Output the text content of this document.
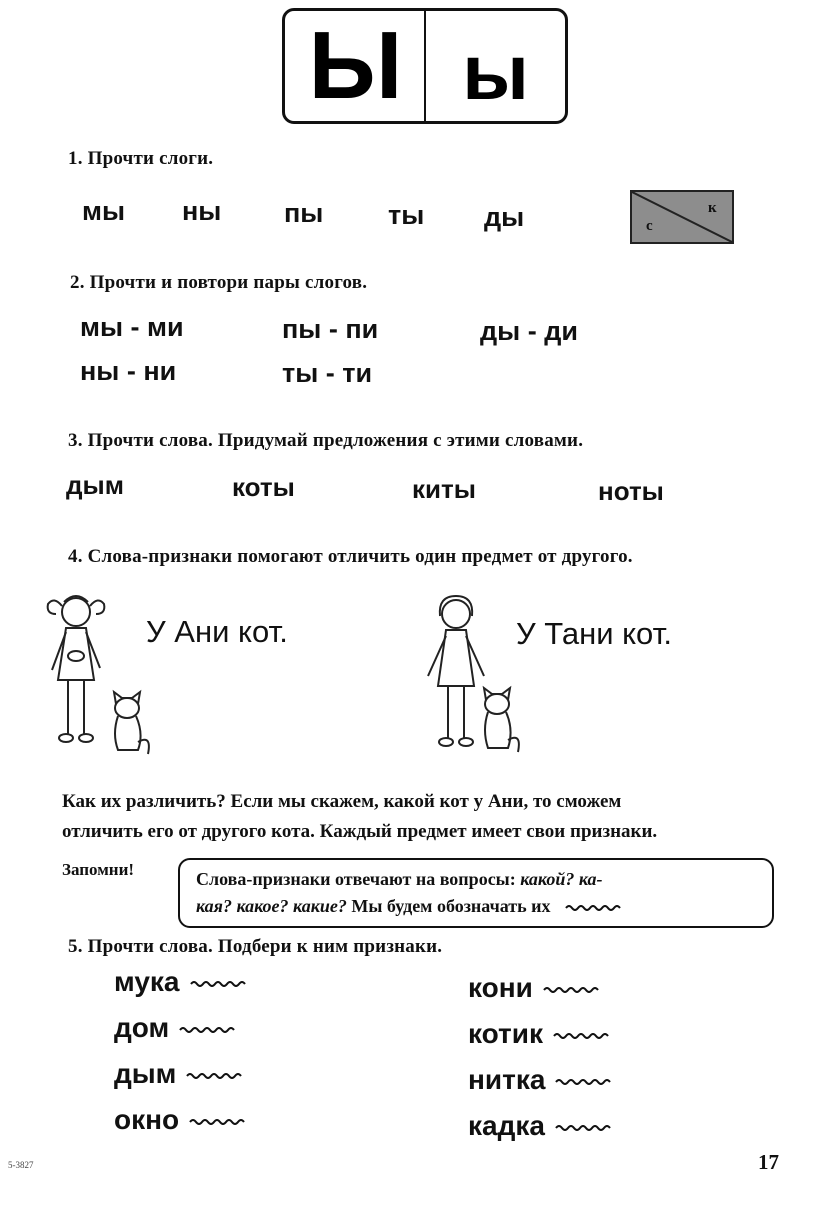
Ы ы
1. Прочти слоги.
мы ны пы ты ды	с
к
2. Прочти и повтори пары слогов.
мы - ми	пы - пи	ды - ди
ны - ни	ты - ти
3. Прочти слова. Придумай предложения с этими словами.
дым	коты	киты	ноты
4. Слова-признаки помогают отличить один предмет от другого.
У Ани кот.	У Тани кот.
Как их различить? Если мы скажем, какой кот у Ани, то сможем
отличить его от другого кота. Каждый предмет имеет свои признаки.
Запомни!	Слова-признаки отвечают на вопросы: какой? ка-
кая? какое? какие? Мы будем обозначать их
5. Прочти слова. Подбери к ним признаки.
мука
дом
дым
окно
кони
котик
нитка
кадка
5-3827	17
